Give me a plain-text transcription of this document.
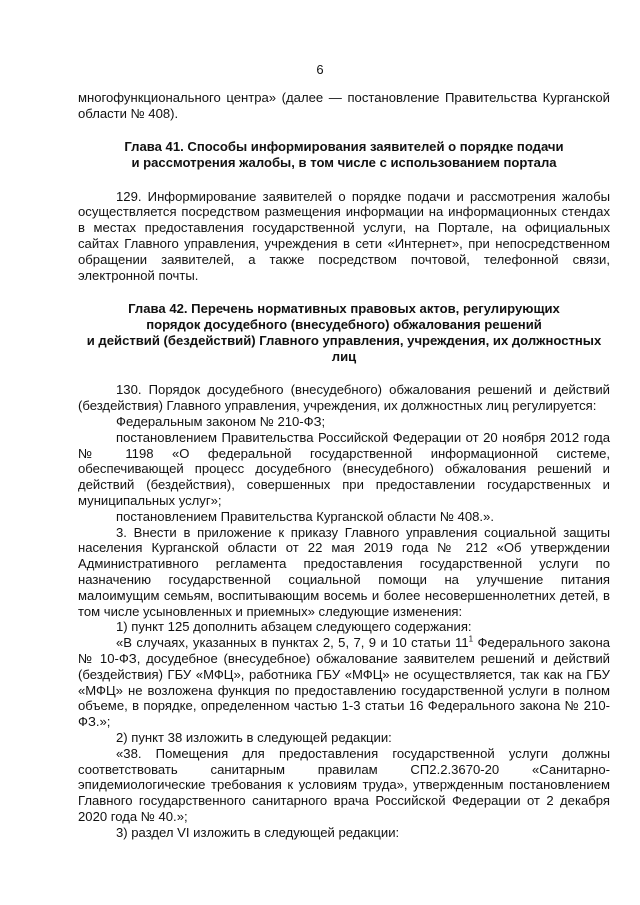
6

многофункционального центра» (далее — постановление Правительства Курганской области № 408).

Глава 41. Способы информирования заявителей о порядке подачи
и рассмотрения жалобы, в том числе с использованием портала

129. Информирование заявителей о порядке подачи и рассмотрения жалобы осуществляется посредством размещения информации на информационных стендах в местах предоставления государственной услуги, на Портале, на официальных сайтах Главного управления, учреждения в сети «Интернет», при непосредственном обращении заявителей, а также посредством почтовой, телефонной связи, электронной почты.

Глава 42. Перечень нормативных правовых актов, регулирующих
порядок досудебного (внесудебного) обжалования решений
и действий (бездействий) Главного управления, учреждения, их должностных
лиц

130. Порядок досудебного (внесудебного) обжалования решений и действий (бездействия) Главного управления, учреждения, их должностных лиц регулируется:

Федеральным законом № 210-ФЗ;

постановлением Правительства Российской Федерации от 20 ноября 2012 года № 1198 «О федеральной государственной информационной системе, обеспечивающей процесс досудебного (внесудебного) обжалования решений и действий (бездействия), совершенных при предоставлении государственных и муниципальных услуг»;

постановлением Правительства Курганской области № 408.».

3. Внести в приложение к приказу Главного управления социальной защиты населения Курганской области от 22 мая 2019 года № 212 «Об утверждении Административного регламента предоставления государственной услуги по назначению государственной социальной помощи на улучшение питания малоимущим семьям, воспитывающим восемь и более несовершеннолетних детей, в том числе усыновленных и приемных» следующие изменения:

1) пункт 125 дополнить абзацем следующего содержания:

«В случаях, указанных в пунктах 2, 5, 7, 9 и 10 статьи $11^1$ Федерального закона № 10-ФЗ, досудебное (внесудебное) обжалование заявителем решений и действий (бездействия) ГБУ «МФЦ», работника ГБУ «МФЦ» не осуществляется, так как на ГБУ «МФЦ» не возложена функция по предоставлению государственной услуги в полном объеме, в порядке, определенном частью 1-3 статьи 16 Федерального закона № 210-ФЗ.»;

2) пункт 38 изложить в следующей редакции:

«38. Помещения для предоставления государственной услуги должны соответствовать санитарным правилам СП2.2.3670-20 «Санитарно-эпидемиологические требования к условиям труда», утвержденным постановлением Главного государственного санитарного врача Российской Федерации от 2 декабря 2020 года № 40.»;

3) раздел VI изложить в следующей редакции:
